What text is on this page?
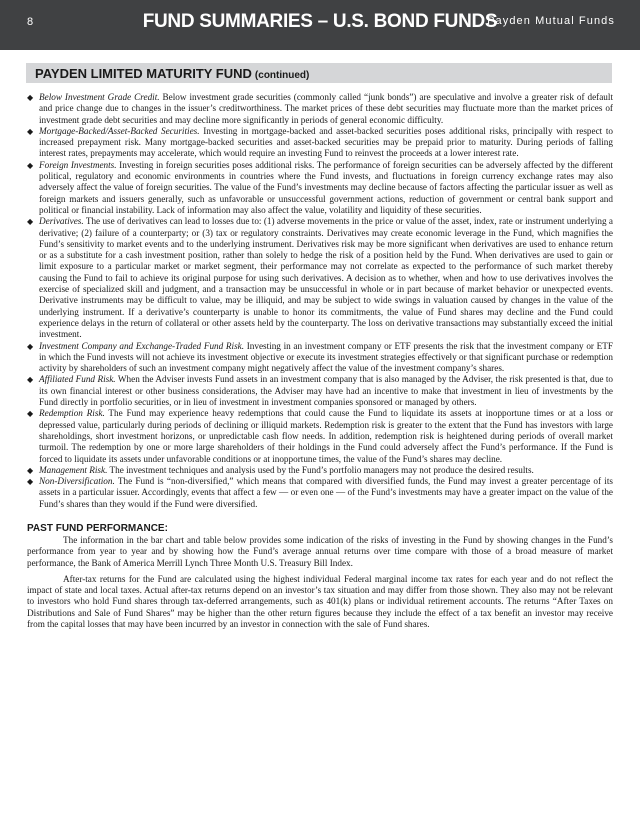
8	FUND SUMMARIES – U.S. BOND FUNDS
Payden Mutual Funds
PAYDEN LIMITED MATURITY FUND (continued)

◆ Below Investment Grade Credit. Below investment grade securities (commonly called “junk bonds”) are speculative and involve a greater risk of default and price change due to changes in the issuer’s creditworthiness. The market prices of these debt securities may fluctuate more than the market prices of investment grade debt securities and may decline more significantly in periods of general economic difficulty.

◆ Mortgage-Backed/Asset-Backed Securities. Investing in mortgage-backed and asset-backed securities poses additional risks, principally with respect to increased prepayment risk. Many mortgage-backed securities and asset-backed securities may be prepaid prior to maturity. During periods of falling interest rates, prepayments may accelerate, which would require an investing Fund to reinvest the proceeds at a lower interest rate.

◆ Foreign Investments. Investing in foreign securities poses additional risks. The performance of foreign securities can be adversely affected by the different political, regulatory and economic environments in countries where the Fund invests, and fluctuations in foreign currency exchange rates may also adversely affect the value of foreign securities. The value of the Fund’s investments may decline because of factors affecting the particular issuer as well as foreign markets and issuers generally, such as unfavorable or unsuccessful government actions, reduction of government or central bank support and political or financial instability. Lack of information may also affect the value, volatility and liquidity of these securities.

◆ Derivatives. The use of derivatives can lead to losses due to: (1) adverse movements in the price or value of the asset, index, rate or instrument underlying a derivative; (2) failure of a counterparty; or (3) tax or regulatory constraints. Derivatives may create economic leverage in the Fund, which magnifies the Fund’s sensitivity to market events and to the underlying instrument. Derivatives risk may be more significant when derivatives are used to enhance return or as a substitute for a cash investment position, rather than solely to hedge the risk of a position held by the Fund. When derivatives are used to gain or limit exposure to a particular market or market segment, their performance may not correlate as expected to the performance of such market thereby causing the Fund to fail to achieve its original purpose for using such derivatives. A decision as to whether, when and how to use derivatives involves the exercise of specialized skill and judgment, and a transaction may be unsuccessful in whole or in part because of market behavior or unexpected events. Derivative instruments may be difficult to value, may be illiquid, and may be subject to wide swings in valuation caused by changes in the value of the underlying instrument. If a derivative’s counterparty is unable to honor its commitments, the value of Fund shares may decline and the Fund could experience delays in the return of collateral or other assets held by the counterparty. The loss on derivative transactions may substantially exceed the initial investment.

◆ Investment Company and Exchange-Traded Fund Risk. Investing in an investment company or ETF presents the risk that the investment company or ETF in which the Fund invests will not achieve its investment objective or execute its investment strategies effectively or that significant purchase or redemption activity by shareholders of such an investment company might negatively affect the value of the investment company’s shares.

◆ Affiliated Fund Risk. When the Adviser invests Fund assets in an investment company that is also managed by the Adviser, the risk presented is that, due to its own financial interest or other business considerations, the Adviser may have had an incentive to make that investment in lieu of investments by the Fund directly in portfolio securities, or in lieu of investment in investment companies sponsored or managed by others.

◆ Redemption Risk. The Fund may experience heavy redemptions that could cause the Fund to liquidate its assets at inopportune times or at a loss or depressed value, particularly during periods of declining or illiquid markets. Redemption risk is greater to the extent that the Fund has investors with large shareholdings, short investment horizons, or unpredictable cash flow needs. In addition, redemption risk is heightened during periods of overall market turmoil. The redemption by one or more large shareholders of their holdings in the Fund could adversely affect the Fund’s performance. If the Fund is forced to liquidate its assets under unfavorable conditions or at inopportune times, the value of the Fund’s shares may decline.

◆ Management Risk. The investment techniques and analysis used by the Fund’s portfolio managers may not produce the desired results.

◆ Non-Diversification. The Fund is “non-diversified,” which means that compared with diversified funds, the Fund may invest a greater percentage of its assets in a particular issuer. Accordingly, events that affect a few — or even one — of the Fund’s investments may have a greater impact on the value of the Fund’s shares than they would if the Fund were diversified.

PAST FUND PERFORMANCE:

The information in the bar chart and table below provides some indication of the risks of investing in the Fund by showing changes in the Fund’s performance from year to year and by showing how the Fund’s average annual returns over time compare with those of a broad measure of market performance, the Bank of America Merrill Lynch Three Month U.S. Treasury Bill Index.

After-tax returns for the Fund are calculated using the highest individual Federal marginal income tax rates for each year and do not reflect the impact of state and local taxes. Actual after-tax returns depend on an investor’s tax situation and may differ from those shown. They also may not be relevant to investors who hold Fund shares through tax-deferred arrangements, such as 401(k) plans or individual retirement accounts. The returns “After Taxes on Distributions and Sale of Fund Shares” may be higher than the other return figures because they include the effect of a tax benefit an investor may receive from the capital losses that may have been incurred by an investor in connection with the sale of Fund shares.
